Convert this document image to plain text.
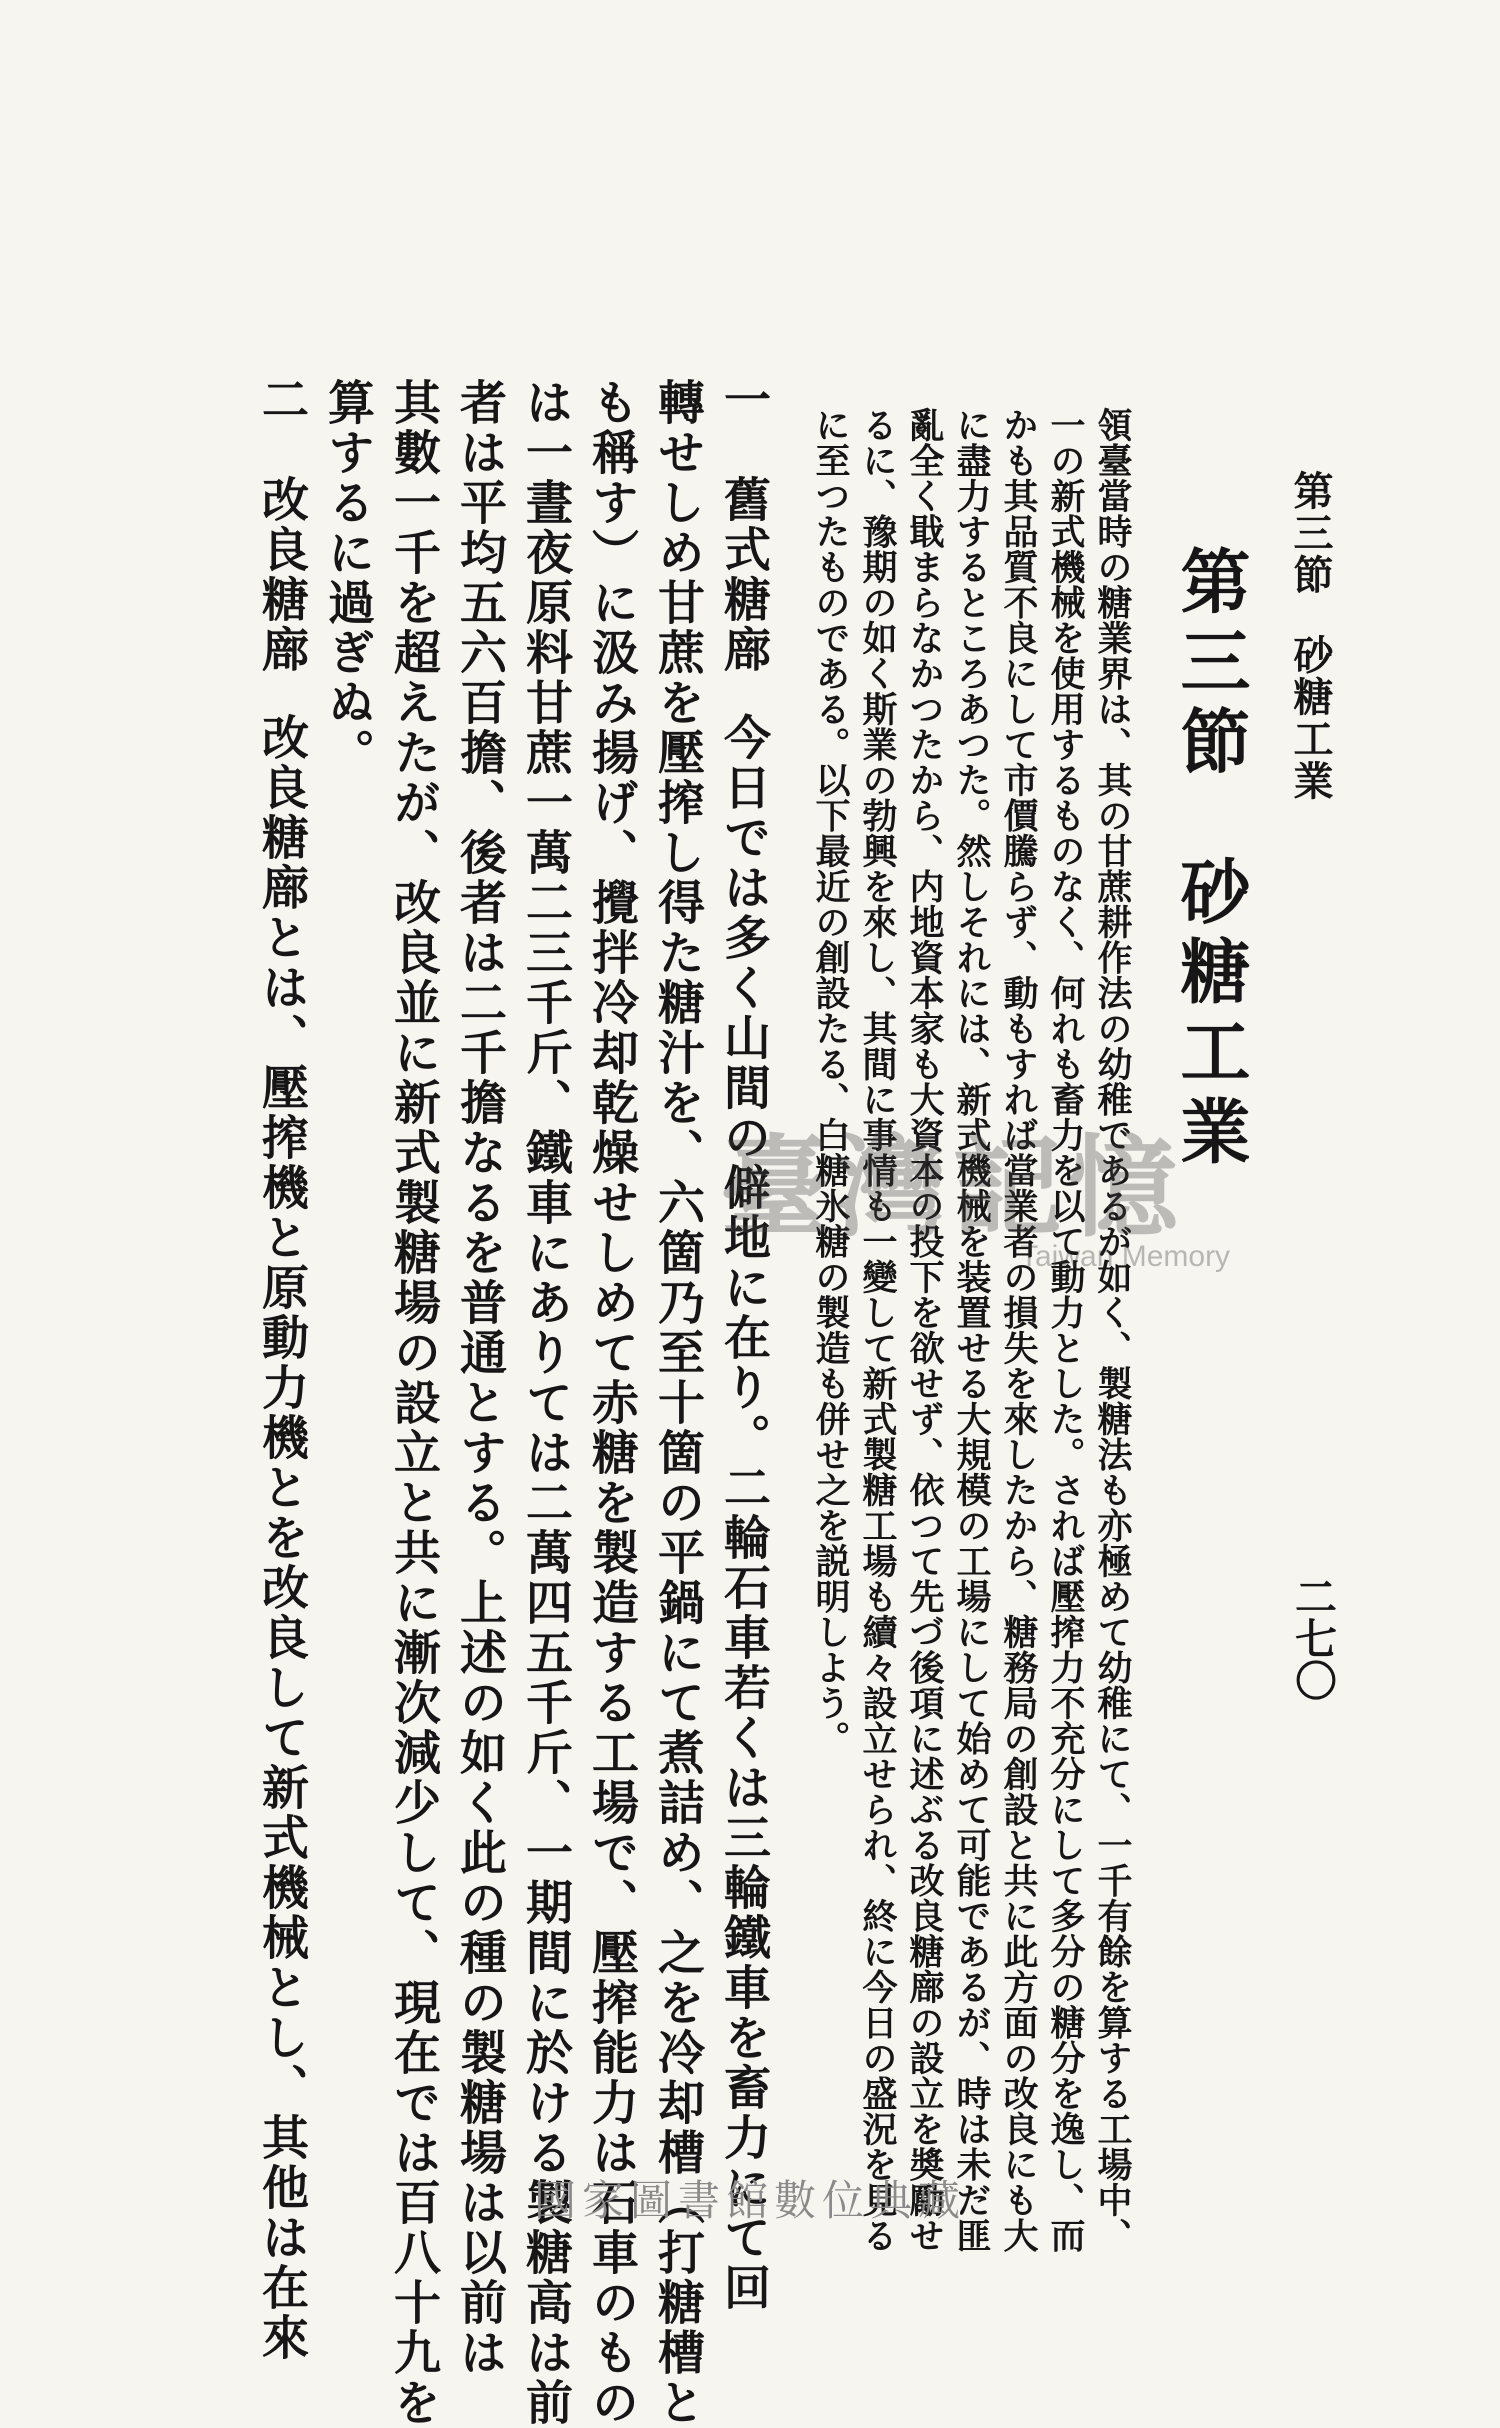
第三節砂糖工業
二七〇
第三節砂糖工業
領臺當時の糖業界は、其の甘蔗耕作法の幼稚であるが如く、製糖法も亦極めて幼稚にて、一千有餘を算する工場中、
一の新式機械を使用するものなく、何れも畜力を以て動力とした。されば壓搾力不充分にして多分の糖分を逸し、而
かも其品質不良にして市價騰らず、動もすれば當業者の損失を來したから、糖務局の創設と共に此方面の改良にも大
に盡力するところあつた。然しそれには、新式機械を装置せる大規模の工場にして始めて可能であるが、時は未だ匪
亂全く戢まらなかつたから、内地資本家も大資本の投下を欲せず、依つて先づ後項に述ぶる改良糖廍の設立を奬勵せ
るに、豫期の如く斯業の勃興を來し、其間に事情も一變して新式製糖工場も續々設立せられ、終に今日の盛況を見る
に至つたものである。以下最近の創設たる、白糖氷糖の製造も併せ之を説明しよう。
一　舊式糖廍今日では多く山間の僻地に在り。二輪石車若くは三輪鐵車を畜力にて回
轉せしめ甘蔗を壓搾し得た糖汁を、六箇乃至十箇の平鍋にて煮詰め、之を冷却槽（打糖槽と
も稱す）に汲み揚げ、攪拌冷却乾燥せしめて赤糖を製造する工場で、壓搾能力は石車のもの
は一晝夜原料甘蔗一萬二三千斤、鐵車にありては二萬四五千斤、一期間に於ける製糖高は前
者は平均五六百擔、後者は二千擔なるを普通とする。上述の如く此の種の製糖場は以前は
其數一千を超えたが、改良並に新式製糖場の設立と共に漸次減少して、現在では百八十九を
算するに過ぎぬ。
二　改良糖廍改良糖廍とは、壓搾機と原動力機とを改良して新式機械とし、其他は在來	臺灣記憶
Taiwan Memory
國家圖書館數位典藏
